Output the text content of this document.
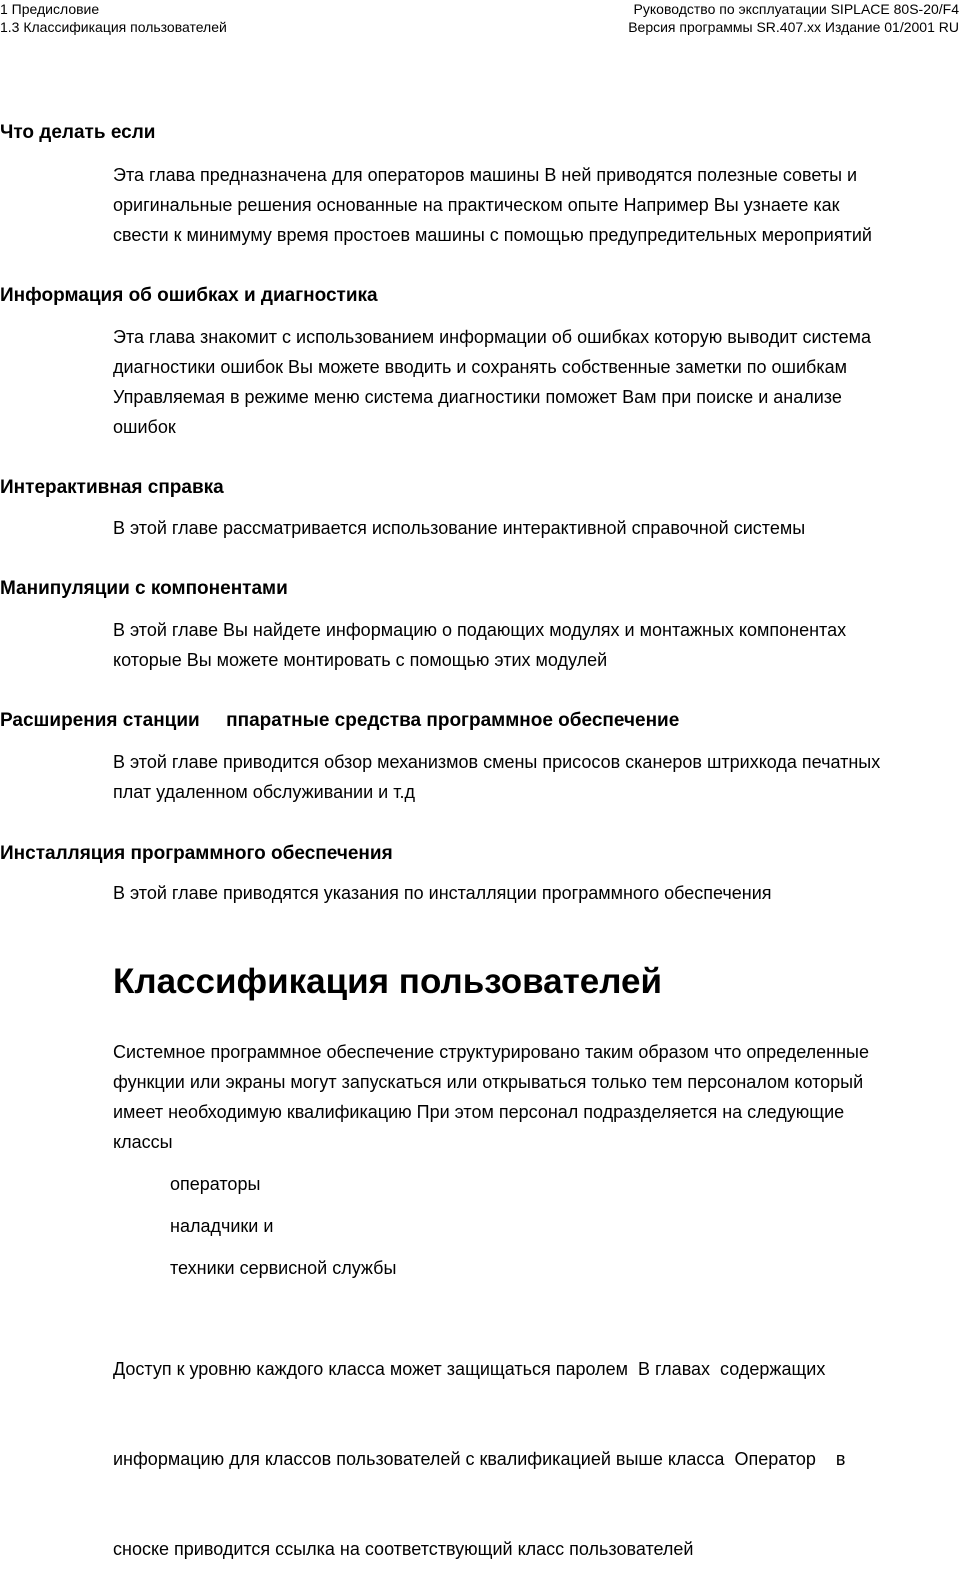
1 Предисловие
1.3 Классификация пользователей
Руководство по эксплуатации SIPLACE 80S-20/F4
Версия программы SR.407.xx Издание 01/2001 RU
Что делать если
Эта глава предназначена для операторов машины В ней приводятся полезные советы и
оригинальные решения основанные на практическом опыте Например Вы узнаете как
свести к минимуму время простоев машины с помощью предупредительных мероприятий
Информация об ошибках и диагностика
Эта глава знакомит с использованием информации об ошибках которую выводит система
диагностики ошибок Вы можете вводить и сохранять собственные заметки по ошибкам
Управляемая в режиме меню система диагностики поможет Вам при поиске и анализе
ошибок
Интерактивная справка
В этой главе рассматривается использование интерактивной справочной системы
Манипуляции с компонентами
В этой главе Вы найдете информацию о подающих модулях и монтажных компонентах
которые Вы можете монтировать с помощью этих модулей
Расширения станции     ппаратные средства программное обеспечение
В этой главе приводится обзор механизмов смены присосов сканеров штрихкода печатных
плат удаленном обслуживании и т.д
Инсталляция программного обеспечения
В этой главе приводятся указания по инсталляции программного обеспечения
Классификация пользователей
Системное программное обеспечение структурировано таким образом что определенные
функции или экраны могут запускаться или открываться только тем персоналом который
имеет необходимую квалификацию При этом персонал подразделяется на следующие
классы
операторы
наладчики и
техники сервисной службы

Доступ к уровню каждого класса может защищаться паролем  В главах  содержащих

информацию для классов пользователей с квалификацией выше класса  Оператор    в

сноске приводится ссылка на соответствующий класс пользователей
